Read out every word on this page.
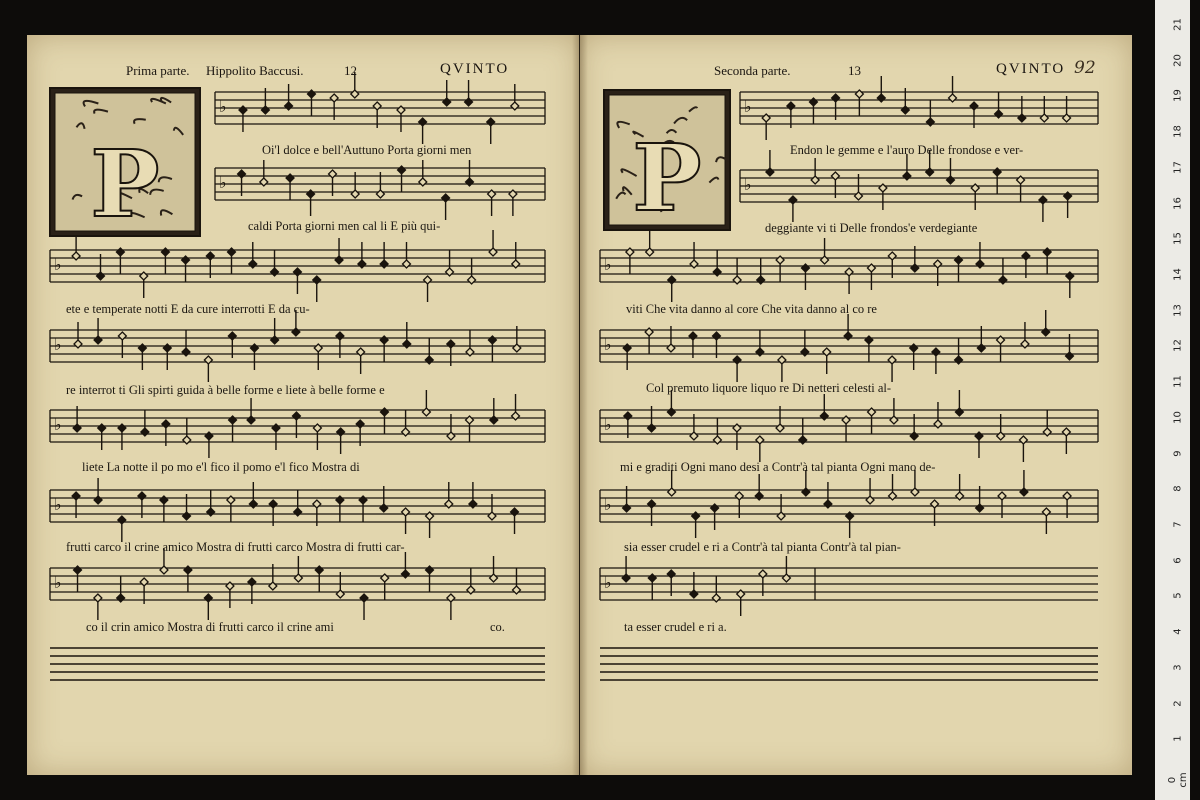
♭
♭
♭
♭
♭
♭
♭
♭
♭
♭
♭
♭
♭
♭
P	P
Prima parte. Hippolito Baccusi.	12	QVINTO	Seconda parte.	13	QVINTO 92
Oi'l dolce e bell'Auttuno Porta giorni men
caldi Porta giorni men cal li E più qui-
ete e temperate notti E da cure interrotti E da cu-
re interrot ti Gli spirti guida à belle forme e liete à belle forme e
liete La notte il po mo e'l fico il pomo e'l fico Mostra di
frutti carco il crine amico Mostra di frutti carco Mostra di frutti car-
co il crin amico Mostra di frutti carco il crine ami	co.
Endon le gemme e l'auro Delle frondose e ver-
deggiante vi ti Delle frondos'e verdegiante
viti Che vita danno al core Che vita danno al co re
Col premuto liquore liquo re Di netteri celesti al-
mi e graditi Ogni mano desi a Contr'à tal pianta Ogni mano de-
sia esser crudel e ri a Contr'à tal pianta Contr'à tal pian-
ta esser crudel e ri a.
0 cm
1
2
3
4
5
6
7
8
9
10
11
12
13
14
15
16
17
18
19
20
21
